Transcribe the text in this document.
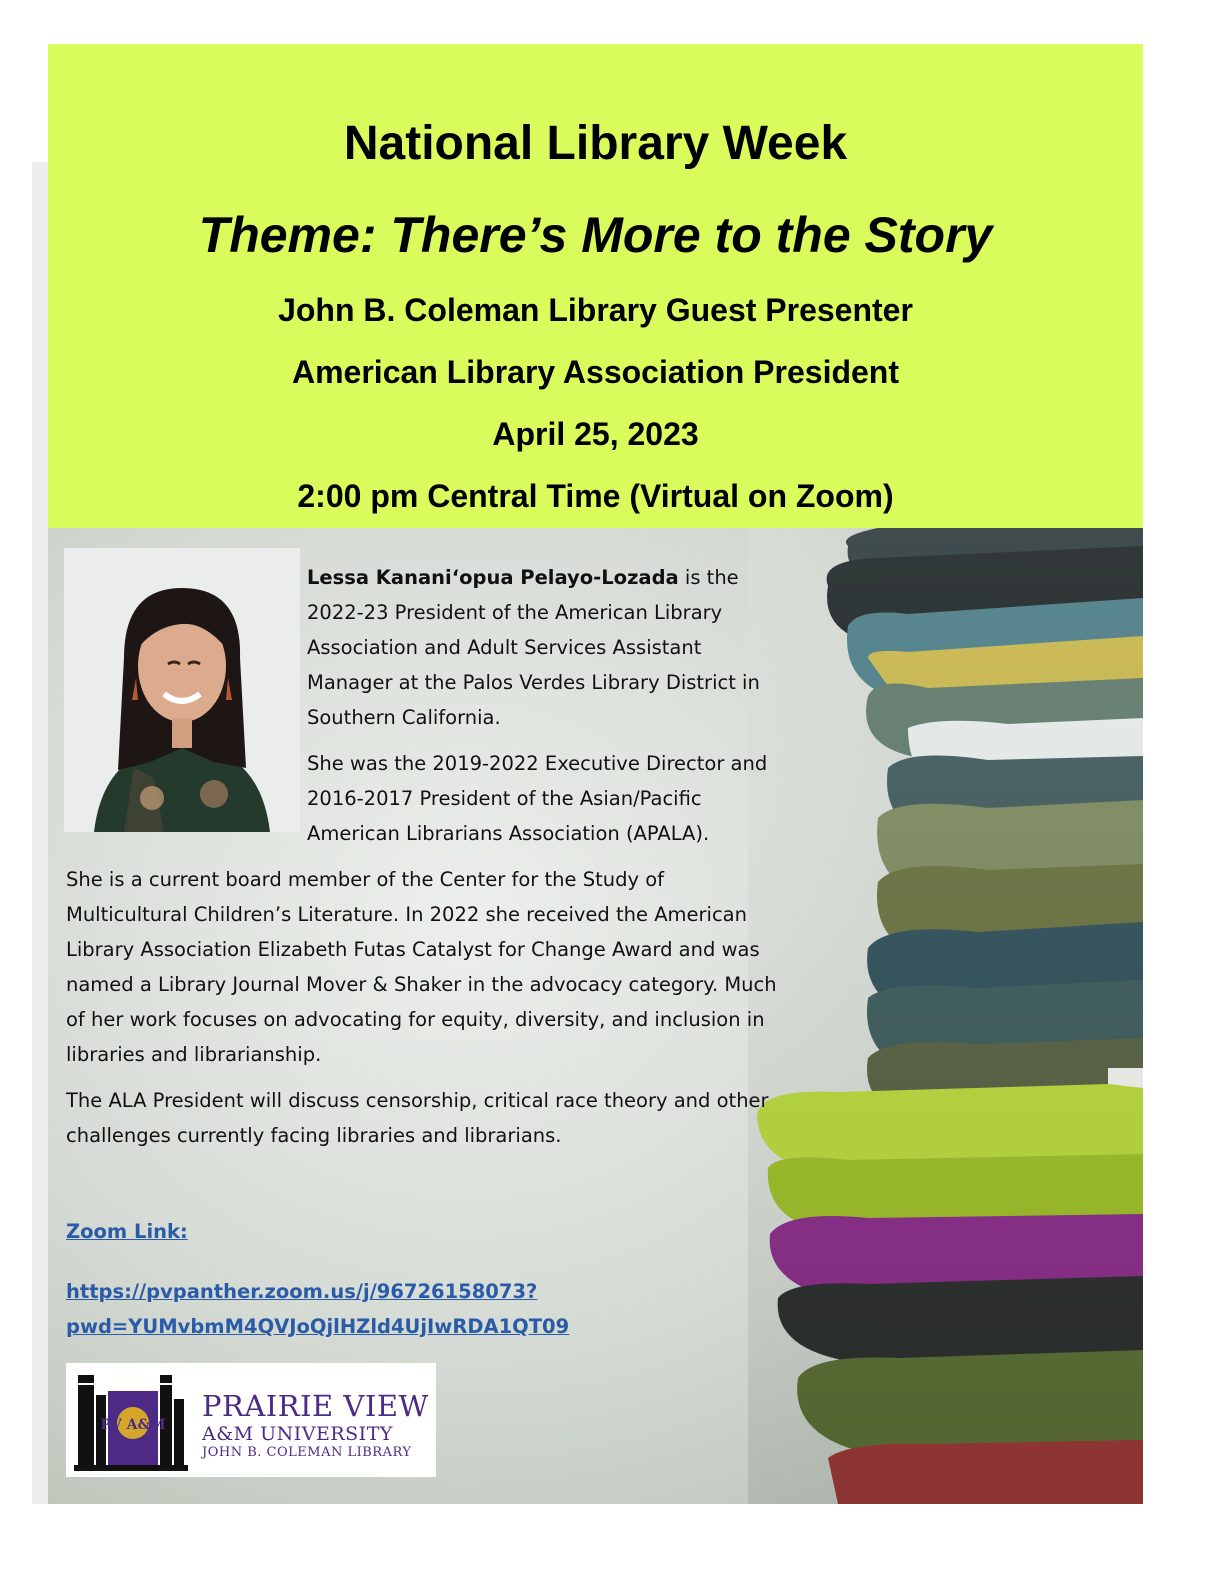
National Library Week
Theme: There’s More to the Story
John B. Coleman Library Guest Presenter
American Library Association President
April 25, 2023
2:00 pm Central Time (Virtual on Zoom)
Lessa Kanani‘opua Pelayo-Lozada is the 2022-23 President of the American Library Association and Adult Services Assistant Manager at the Palos Verdes Library District in Southern California.
She was the 2019-2022 Executive Director and 2016-2017 President of the Asian/Pacific American Librarians Association (APALA).
She is a current board member of the Center for the Study of Multicultural Children’s Literature. In 2022 she received the American Library Association Elizabeth Futas Catalyst for Change Award and was named a Library Journal Mover & Shaker in the advocacy category. Much of her work focuses on advocating for equity, diversity, and inclusion in libraries and librarianship.
The ALA President will discuss censorship, critical race theory and other challenges currently facing libraries and librarians.
Zoom Link:
https://pvpanther.zoom.us/j/96726158073?
pwd=YUMvbmM4QVJoQjlHZld4UjIwRDA1QT09
PV A&M
PRAIRIE VIEW
A&M UNIVERSITY
JOHN B. COLEMAN LIBRARY
